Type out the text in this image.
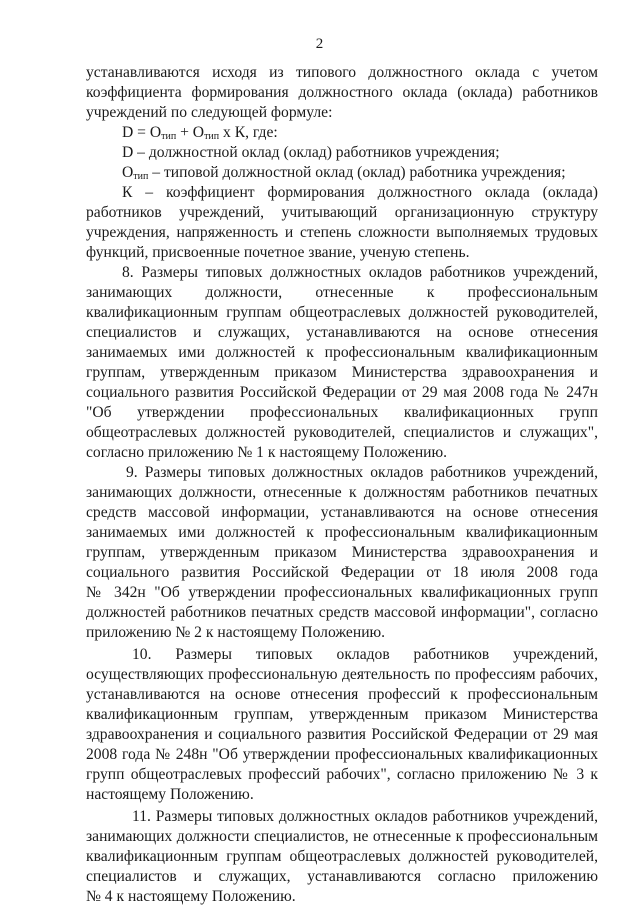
2
устанавливаются исходя из типового должностного оклада с учетом
коэффициента формирования должностного оклада (оклада) работников
учреждений по следующей формуле:
$D = O_{тип} + O_{тип}$ x К, где:
D – должностной оклад (оклад) работников учреждения;
$O_{тип}$ – типовой должностной оклад (оклад) работника учреждения;
К – коэффициент формирования должностного оклада (оклада)
работников учреждений, учитывающий организационную структуру
учреждения, напряженность и степень сложности выполняемых трудовых
функций, присвоенные почетное звание, ученую степень.
8. Размеры типовых должностных окладов работников учреждений,
занимающих должности, отнесенные к профессиональным
квалификационным группам общеотраслевых должностей руководителей,
специалистов и служащих, устанавливаются на основе отнесения
занимаемых ими должностей к профессиональным квалификационным
группам, утвержденным приказом Министерства здравоохранения и
социального развития Российской Федерации от 29 мая 2008 года № 247н
"Об утверждении профессиональных квалификационных групп
общеотраслевых должностей руководителей, специалистов и служащих",
согласно приложению № 1 к настоящему Положению.
9. Размеры типовых должностных окладов работников учреждений,
занимающих должности, отнесенные к должностям работников печатных
средств массовой информации, устанавливаются на основе отнесения
занимаемых ими должностей к профессиональным квалификационным
группам, утвержденным приказом Министерства здравоохранения и
социального развития Российской Федерации от 18 июля 2008 года
№ 342н "Об утверждении профессиональных квалификационных групп
должностей работников печатных средств массовой информации", согласно
приложению № 2 к настоящему Положению.
10. Размеры типовых окладов работников учреждений,
осуществляющих профессиональную деятельность по профессиям рабочих,
устанавливаются на основе отнесения профессий к профессиональным
квалификационным группам, утвержденным приказом Министерства
здравоохранения и социального развития Российской Федерации от 29 мая
2008 года № 248н "Об утверждении профессиональных квалификационных
групп общеотраслевых профессий рабочих", согласно приложению № 3 к
настоящему Положению.
11. Размеры типовых должностных окладов работников учреждений,
занимающих должности специалистов, не отнесенные к профессиональным
квалификационным группам общеотраслевых должностей руководителей,
специалистов и служащих, устанавливаются согласно приложению
№ 4 к настоящему Положению.
